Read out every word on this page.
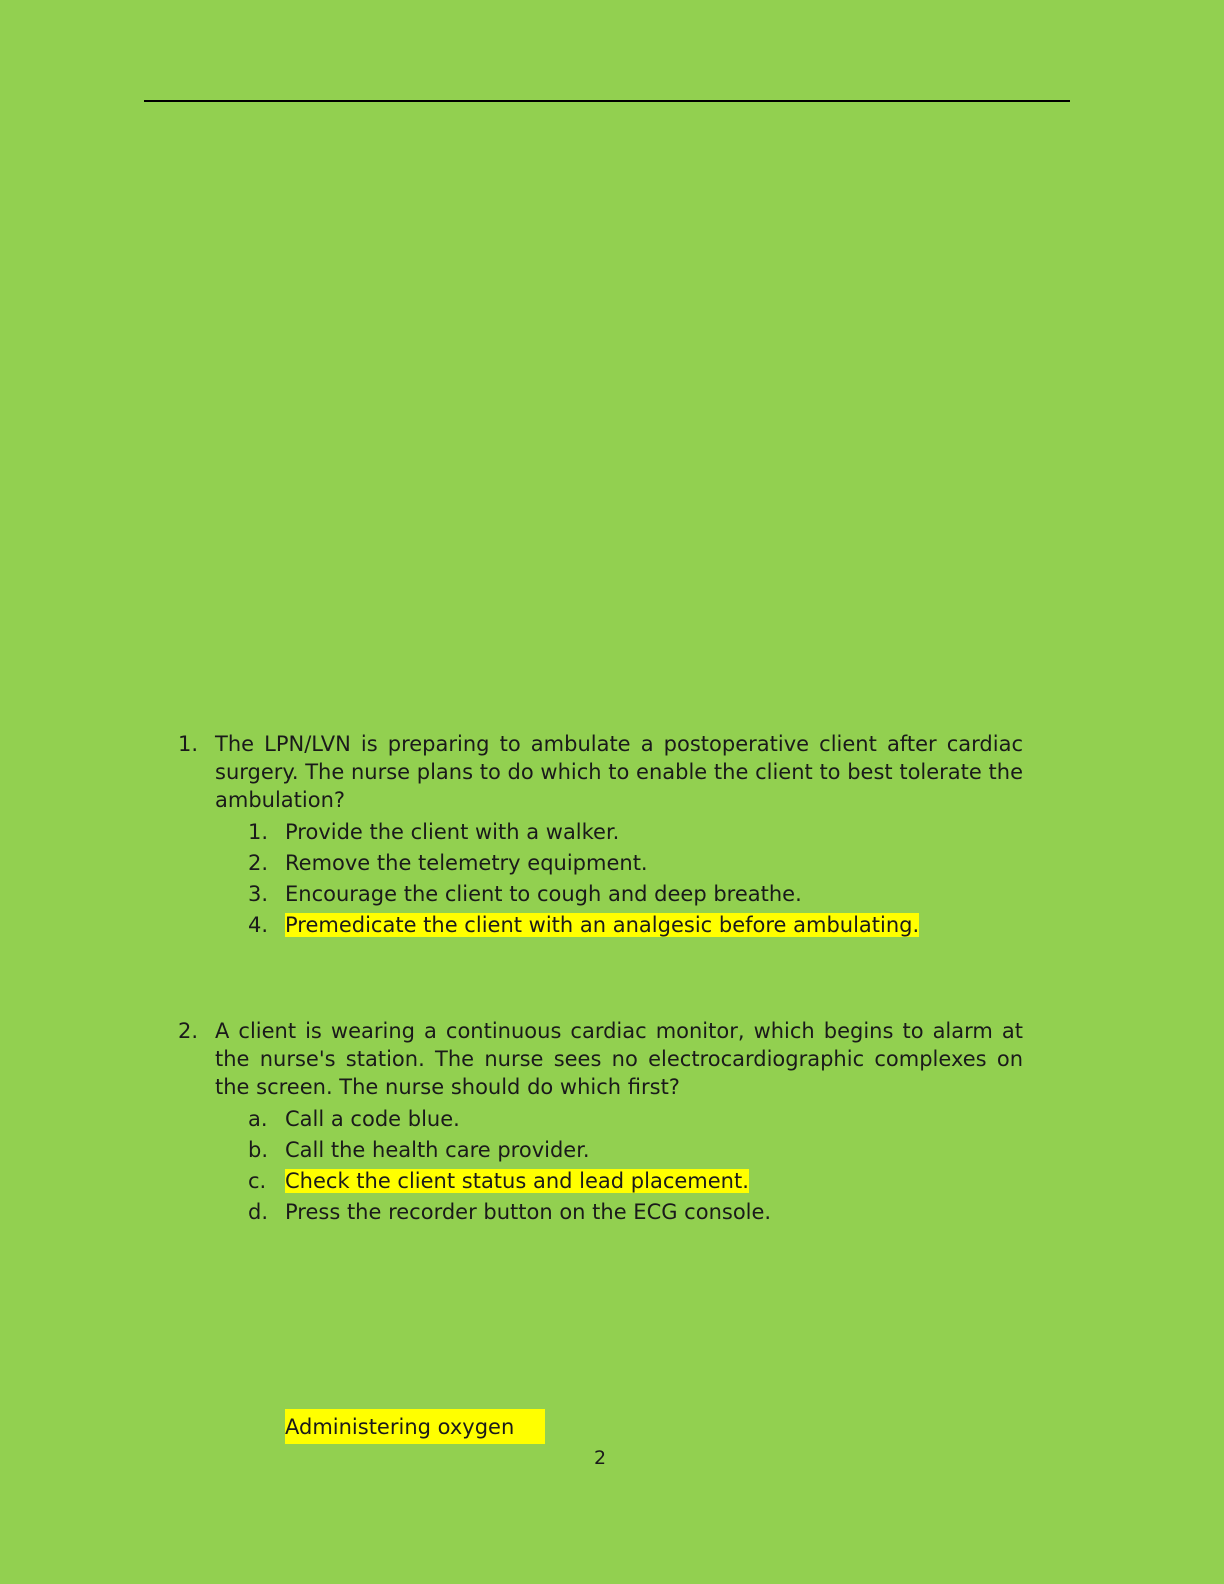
1. The LPN/LVN is preparing to ambulate a postoperative client after cardiac surgery. The nurse plans to do which to enable the client to best tolerate the ambulation?
1. Provide the client with a walker.
2. Remove the telemetry equipment.
3. Encourage the client to cough and deep breathe.
4. Premedicate the client with an analgesic before ambulating.
2. A client is wearing a continuous cardiac monitor, which begins to alarm at the nurse's station. The nurse sees no electrocardiographic complexes on the screen. The nurse should do which first?
a. Call a code blue.
b. Call the health care provider.
c. Check the client status and lead placement.
d. Press the recorder button on the ECG console.
Administering oxygen
2
